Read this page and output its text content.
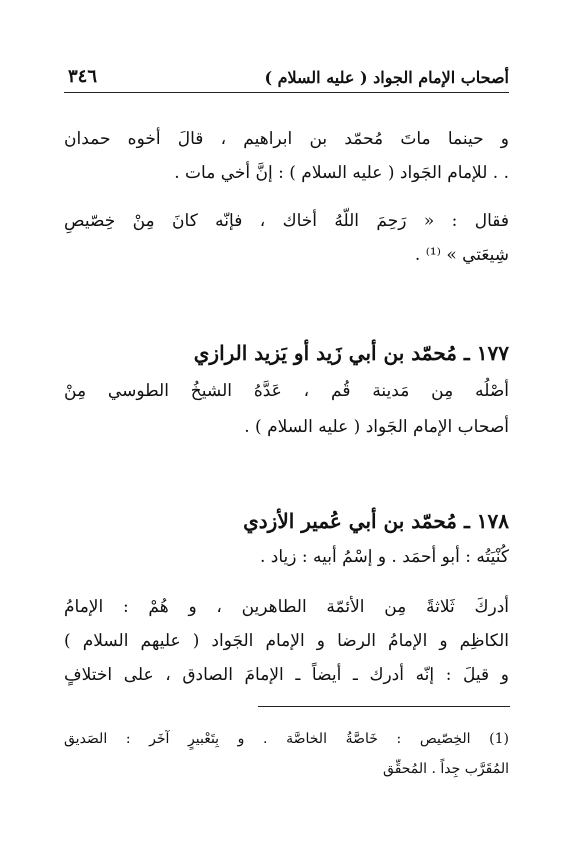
أصحاب الإمام الجواد ( عليه السلام )
٣٤٦
و حينما ماتَ مُحمّد بن ابراهيم ، قالَ أخوه حمدان
. . للإمام الجَواد ( عليه السلام ) : إنَّ أخي مات .
فقال : « رَحِمَ اللّهُ أخاك ، فإنّه كانَ مِنْ خِصّيصِ
شِيعَتي » ⁽¹⁾ .
١٧٧ ـ مُحمّد بن أبي زَيد أو يَزيد الرازي
أصْلُه مِن مَدينة قُم ، عَدَّهُ الشيخُ الطوسي مِنْ
أصحاب الإمام الجَواد ( عليه السلام ) .
١٧٨ ـ مُحمّد بن أبي عُمير الأزدي
كُنْيَتُه : أبو أحمَد . و إسْمُ أبيه : زياد .
أدركَ ثَلاثةً مِن الأئمّة الطاهرين ، و هُمْ : الإمامُ
الكاظِم و الإمامُ الرضا و الإمام الجَواد ( عليهم السلام )
و قيلَ : إنّه أدرك ـ أيضاً ـ الإمامَ الصادق ، على اختلافٍ
(1) الخِصّيص : خَاصَّةُ الخاصَّة . و بِتَعْبيرٍ آخَر : الصَديق
المُقَرَّب جِداً . المُحقِّق
